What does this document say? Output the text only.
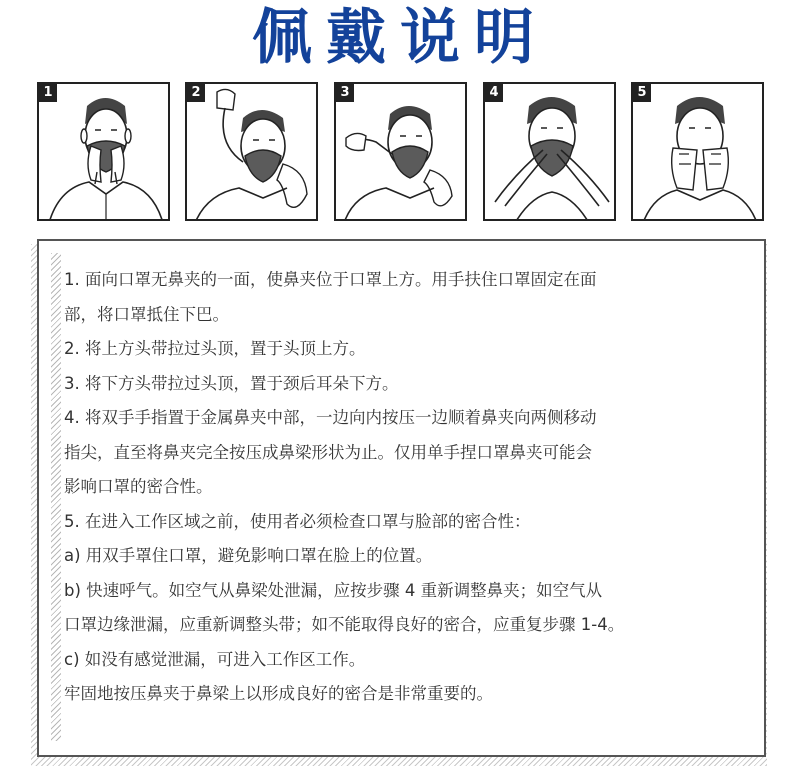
佩戴说明
1	2	3	4	5

1. 面向口罩无鼻夹的一面，使鼻夹位于口罩上方。用手扶住口罩固定在面

部，将口罩抵住下巴。

2. 将上方头带拉过头顶，置于头顶上方。

3. 将下方头带拉过头顶，置于颈后耳朵下方。

4. 将双手手指置于金属鼻夹中部，一边向内按压一边顺着鼻夹向两侧移动

指尖，直至将鼻夹完全按压成鼻梁形状为止。仅用单手捏口罩鼻夹可能会

影响口罩的密合性。

5. 在进入工作区域之前，使用者必须检查口罩与脸部的密合性：

a) 用双手罩住口罩，避免影响口罩在脸上的位置。

b) 快速呼气。如空气从鼻梁处泄漏，应按步骤 4 重新调整鼻夹；如空气从

口罩边缘泄漏，应重新调整头带；如不能取得良好的密合，应重复步骤 1-4。

c) 如没有感觉泄漏，可进入工作区工作。

牢固地按压鼻夹于鼻梁上以形成良好的密合是非常重要的。
